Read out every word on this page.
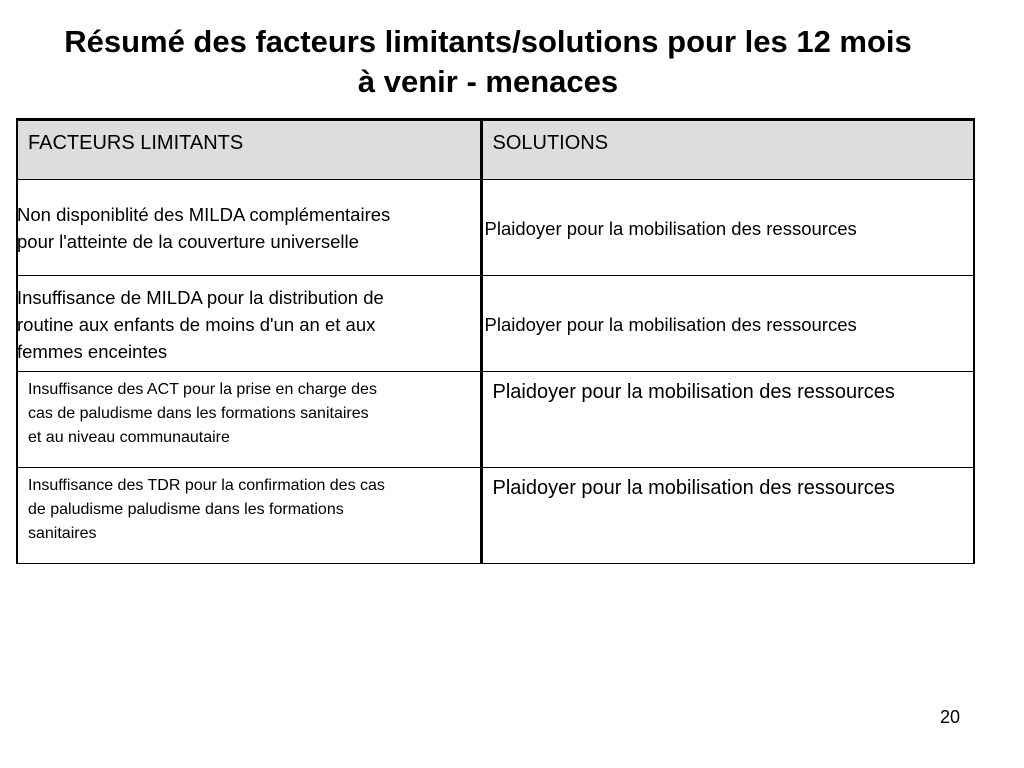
Résumé des facteurs limitants/solutions pour les 12 mois
à venir - menaces
FACTEURS LIMITANTS	SOLUTIONS

Non disponiblité des MILDA complémentaires
pour l'atteinte de la couverture universelle	Plaidoyer pour la mobilisation des ressources

Insuffisance de MILDA pour la distribution de
routine aux enfants de moins d'un an et aux
femmes enceintes	Plaidoyer pour la mobilisation des ressources

Insuffisance des ACT pour la prise en charge des
cas de paludisme dans les formations sanitaires
et au niveau communautaire	Plaidoyer pour la mobilisation des ressources

Insuffisance des TDR pour la confirmation des cas
de paludisme paludisme dans les formations
sanitaires	Plaidoyer pour la mobilisation des ressources
20
